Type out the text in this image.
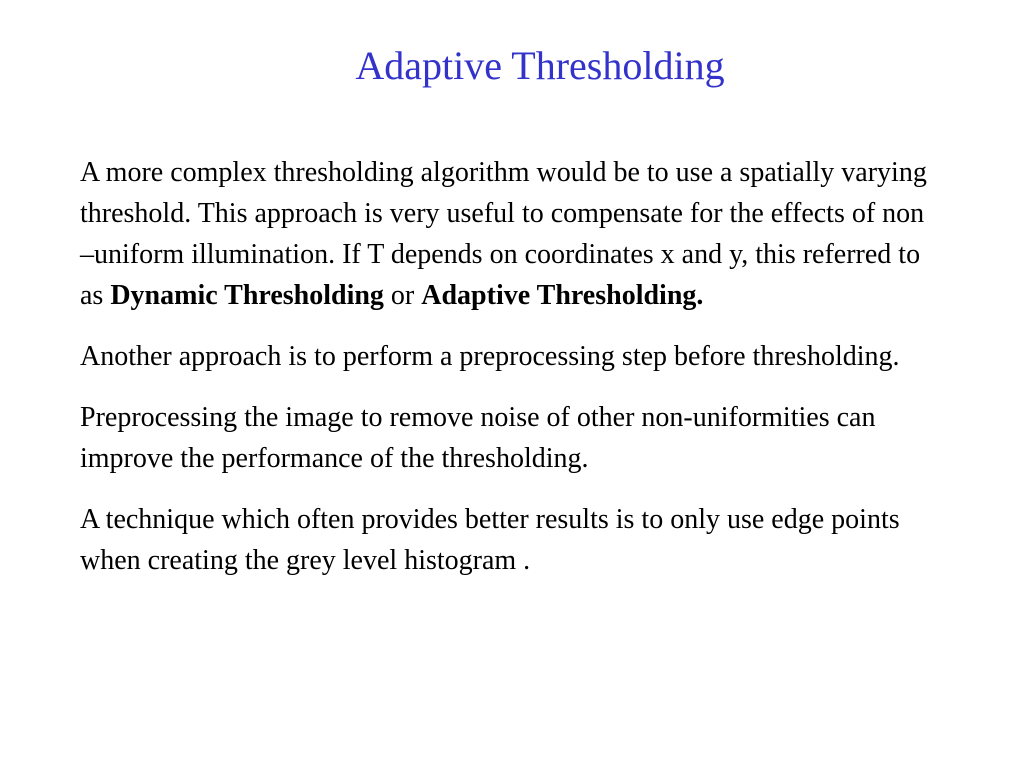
Adaptive Thresholding

A more complex thresholding algorithm would be to use a spatially varying threshold. This approach is very useful to compensate for the effects of non –uniform illumination. If T depends on coordinates x and y, this referred to as Dynamic Thresholding or Adaptive Thresholding.

Another approach is to perform a preprocessing step before thresholding.

Preprocessing the image to remove noise of other non-uniformities can improve the performance of the thresholding.

A technique which often provides better results is to only use edge points when creating the grey level histogram .
